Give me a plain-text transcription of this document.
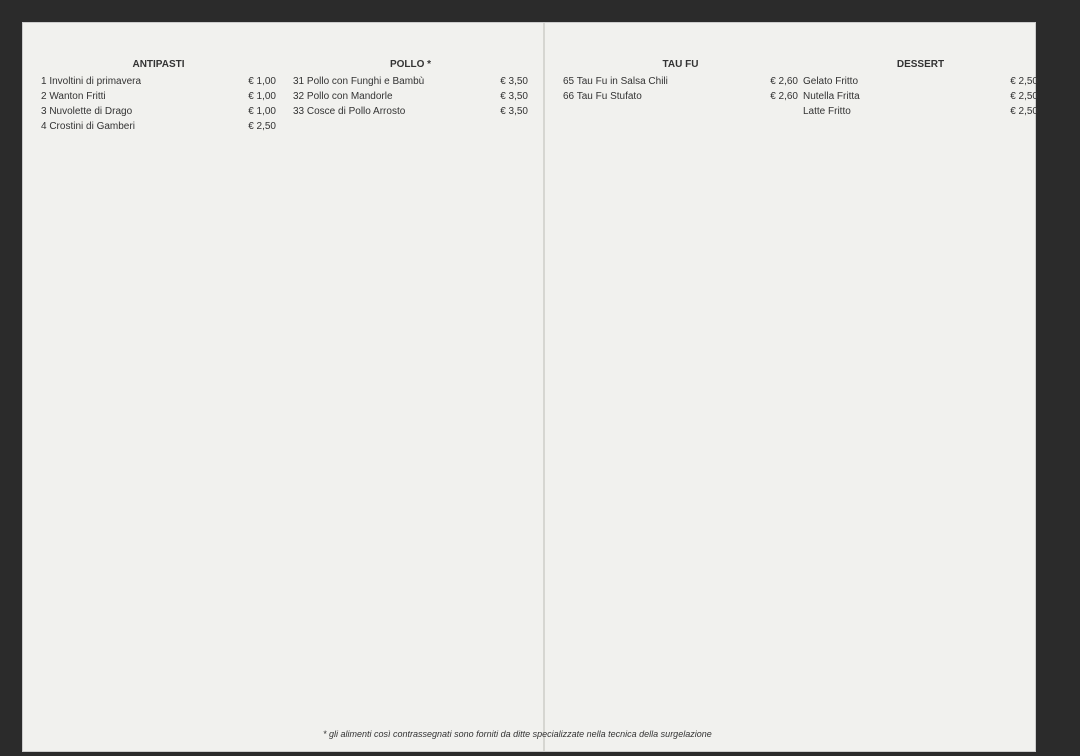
ANTIPASTI
1 Involtini di primavera	€ 1,00
2 Wanton Fritti	€ 1,00
3 Nuvolette di Drago	€ 1,00
4 Crostini di Gamberi	€ 2,50
POLLO *
31 Pollo con Funghi e Bambù	€ 3,50
32 Pollo con Mandorle	€ 3,50
33 Cosce di Pollo Arrosto	€ 3,50
TAU FU
65 Tau Fu in Salsa Chili	€ 2,60
66 Tau Fu Stufato	€ 2,60
DESSERT
Gelato Fritto	€ 2,50
Nutella Fritta	€ 2,50
Latte Fritto	€ 2,50
* gli alimenti così contrassegnati sono forniti da ditte specializzate nella tecnica della surgelazione
